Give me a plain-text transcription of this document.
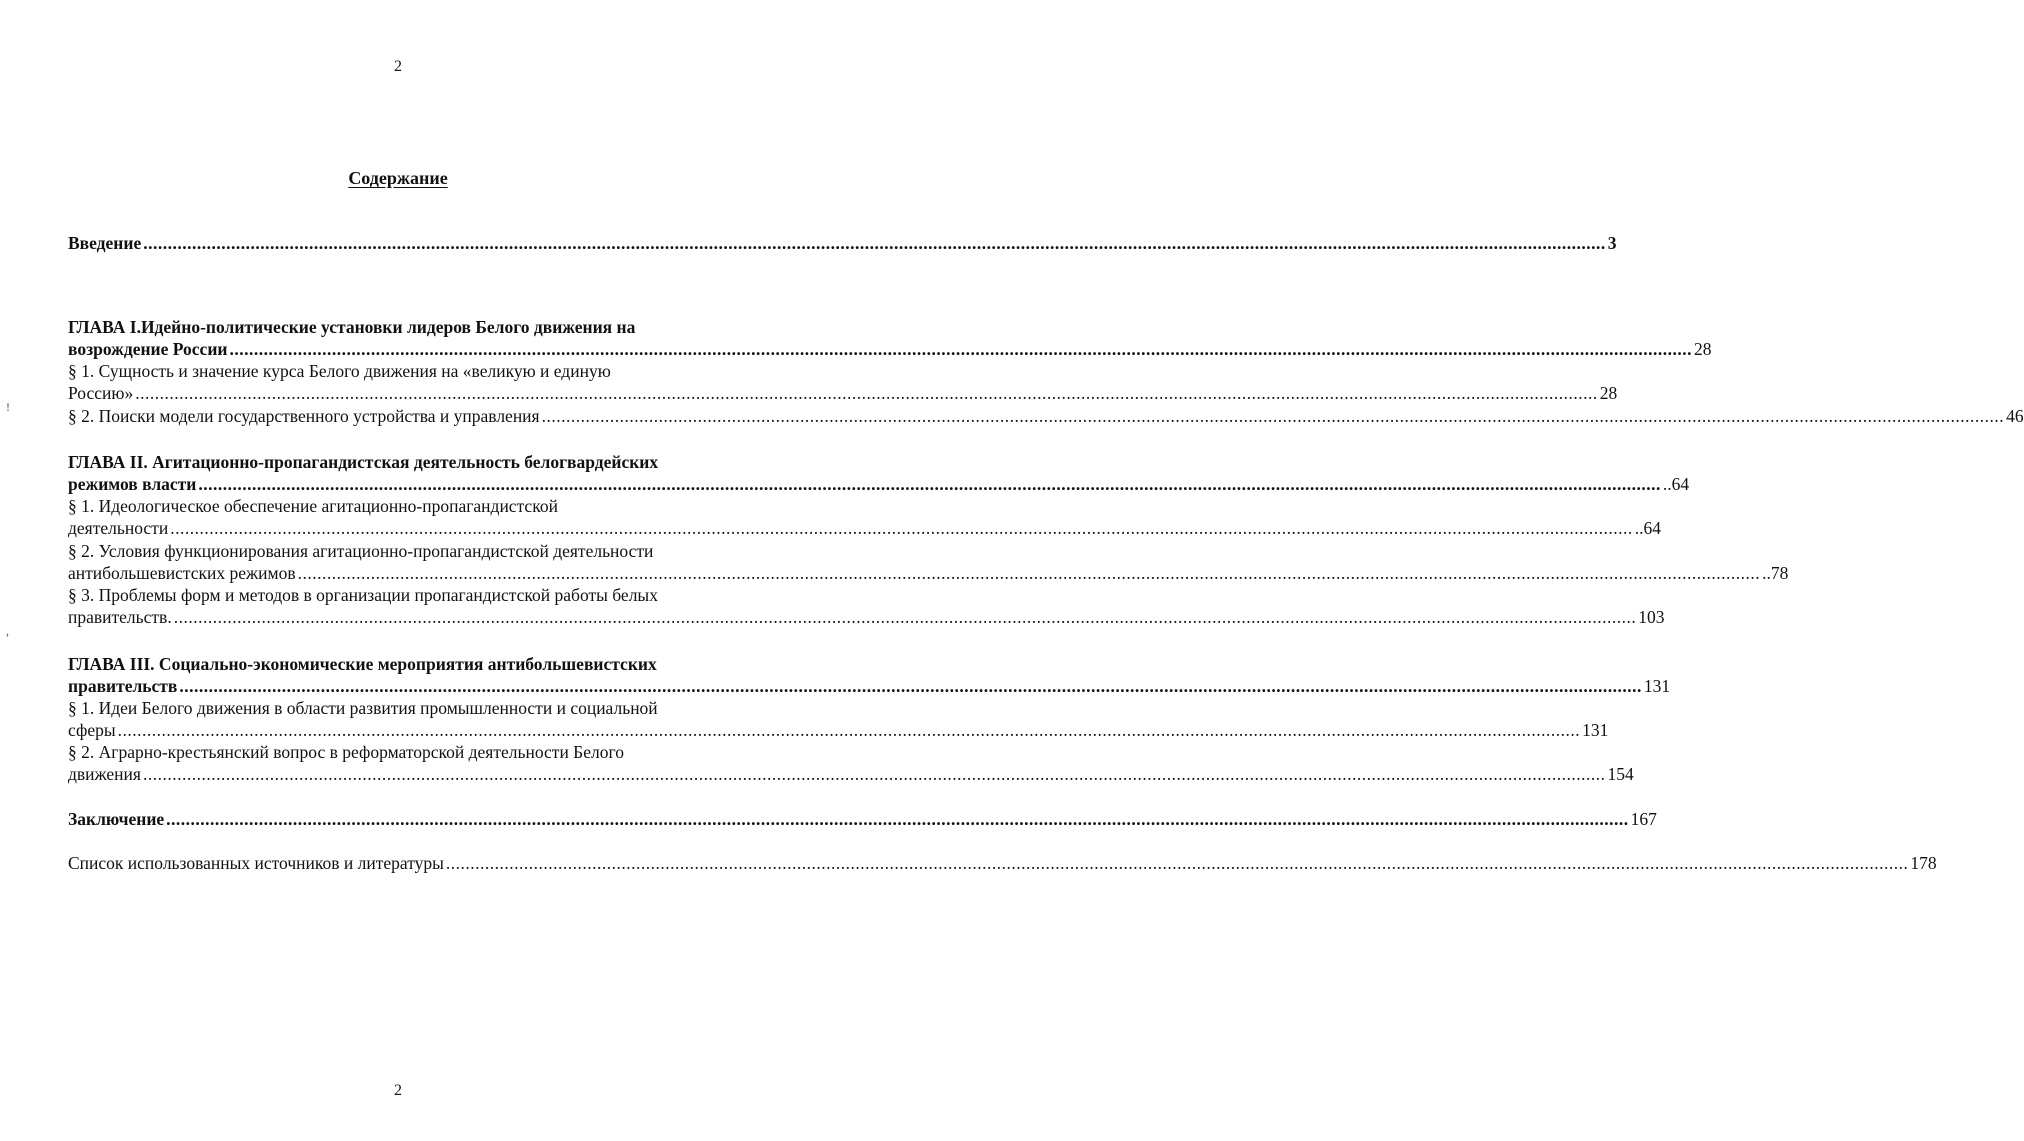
2
!
,
Содержание
Введение ............................................................................................................................................................................................................................................................................................................ 3
ГЛАВА I.Идейно-политические установки лидеров Белого движения на
возрождение России ............................................................................................................................................................................................................................................................................................................ 28
§ 1. Сущность и значение курса Белого движения на «великую и единую
Россию» ............................................................................................................................................................................................................................................................................................................ 28
§ 2. Поиски модели государственного устройства и управления ............................................................................................................................................................................................................................................................................................................ 46
ГЛАВА II. Агитационно-пропагандистская деятельность белогвардейских
режимов власти ............................................................................................................................................................................................................................................................................................................ ..64
§ 1. Идеологическое обеспечение агитационно-пропагандистской
деятельности ............................................................................................................................................................................................................................................................................................................ ..64
§ 2. Условия функционирования агитационно-пропагандистской деятельности
антибольшевистских режимов ............................................................................................................................................................................................................................................................................................................ ..78
§ 3. Проблемы форм и методов в организации пропагандистской работы белых
правительств. ............................................................................................................................................................................................................................................................................................................ 103
ГЛАВА III. Социально-экономические мероприятия антибольшевистских
правительств ............................................................................................................................................................................................................................................................................................................ 131
§ 1. Идеи Белого движения в области развития промышленности и социальной
сферы ............................................................................................................................................................................................................................................................................................................ 131
§ 2. Аграрно-крестьянский вопрос в реформаторской деятельности Белого
движения ............................................................................................................................................................................................................................................................................................................ 154
Заключение ............................................................................................................................................................................................................................................................................................................ 167
Список использованных источников и литературы ............................................................................................................................................................................................................................................................................................................ 178
2
